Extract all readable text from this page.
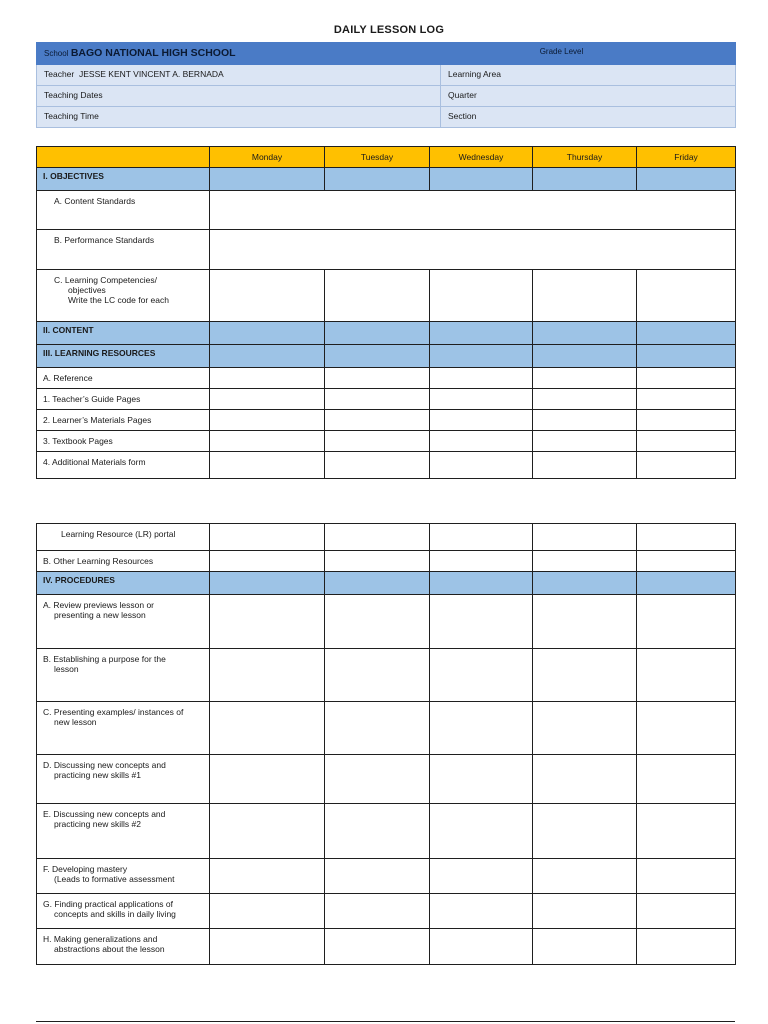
DAILY LESSON LOG
School BAGO NATIONAL HIGH SCHOOL	Grade Level
Teacher JESSE KENT VINCENT A. BERNADA	Learning Area
Teaching Dates	Quarter
Teaching Time	Section
	Monday	Tuesday	Wednesday	Thursday	Friday
I. OBJECTIVES					
A. Content Standards					
B. Performance Standards					

C. Learning Competencies/
objectives
Write the LC code for each					

II. CONTENT					
III. LEARNING RESOURCES					
A. Reference					
1. Teacher’s Guide Pages					
2. Learner’s Materials Pages					
3. Textbook Pages					
4. Additional Materials form					
Learning Resource (LR) portal					
B. Other Learning Resources					
IV. PROCEDURES					

A. Review previews lesson or
presenting a new lesson					

B. Establishing a purpose for the
lesson					

C. Presenting examples/ instances of
new lesson					

D. Discussing new concepts and
practicing new skills #1					

E. Discussing new concepts and
practicing new skills #2					

F. Developing mastery
(Leads to formative assessment					

G. Finding practical applications of
concepts and skills in daily living					

H. Making generalizations and
abstractions about the lesson					
